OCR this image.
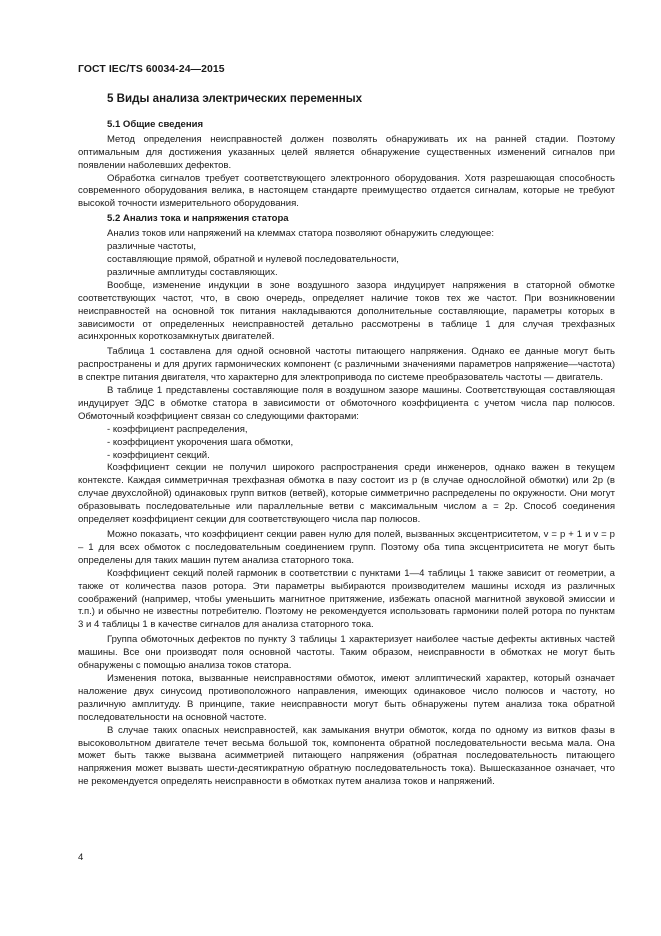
ГОСТ IEC/TS 60034-24—2015
5 Виды анализа электрических переменных
5.1 Общие сведения

Метод определения неисправностей должен позволять обнаруживать их на ранней стадии. Поэтому оптимальным для достижения указанных целей является обнаружение существенных изменений сигналов при появлении наболевших дефектов.

Обработка сигналов требует соответствующего электронного оборудования. Хотя разрешающая способность современного оборудования велика, в настоящем стандарте преимущество отдается сигналам, которые не требуют высокой точности измерительного оборудования.

5.2 Анализ тока и напряжения статора

Анализ токов или напряжений на клеммах статора позволяют обнаружить следующее:

различные частоты,

составляющие прямой, обратной и нулевой последовательности,

различные амплитуды составляющих.

Вообще, изменение индукции в зоне воздушного зазора индуцирует напряжения в статорной обмотке соответствующих частот, что, в свою очередь, определяет наличие токов тех же частот. При возникновении неисправностей на основной ток питания накладываются дополнительные составляющие, параметры которых в зависимости от определенных неисправностей детально рассмотрены в таблице 1 для случая трехфазных асинхронных короткозамкнутых двигателей.

Таблица 1 составлена для одной основной частоты питающего напряжения. Однако ее данные могут быть распространены и для других гармонических компонент (с различными значениями параметров напряжение—частота) в спектре питания двигателя, что характерно для электропривода по системе преобразователь частоты — двигатель.

В таблице 1 представлены составляющие поля в воздушном зазоре машины. Соответствующая составляющая индуцирует ЭДС в обмотке статора в зависимости от обмоточного коэффициента с учетом числа пар полюсов. Обмоточный коэффициент связан со следующими факторами:

- коэффициент распределения,

- коэффициент укорочения шага обмотки,

- коэффициент секций.

Коэффициент секции не получил широкого распространения среди инженеров, однако важен в текущем контексте. Каждая симметричная трехфазная обмотка в пазу состоит из p (в случае однослойной обмотки) или 2p (в случае двухслойной) одинаковых групп витков (ветвей), которые симметрично распределены по окружности. Они могут образовывать последовательные или параллельные ветви с максимальным числом a = 2p. Способ соединения определяет коэффициент секции для соответствующего числа пар полюсов.

Можно показать, что коэффициент секции равен нулю для полей, вызванных эксцентриситетом, v = p + 1 и v = p – 1 для всех обмоток с последовательным соединением групп. Поэтому оба типа эксцентриситета не могут быть определены для таких машин путем анализа статорного тока.

Коэффициент секций полей гармоник в соответствии с пунктами 1—4 таблицы 1 также зависит от геометрии, а также от количества пазов ротора. Эти параметры выбираются производителем машины исходя из различных соображений (например, чтобы уменьшить магнитное притяжение, избежать опасной магнитной звуковой эмиссии и т.п.) и обычно не известны потребителю. Поэтому не рекомендуется использовать гармоники полей ротора по пунктам 3 и 4 таблицы 1 в качестве сигналов для анализа статорного тока.

Группа обмоточных дефектов по пункту 3 таблицы 1 характеризует наиболее частые дефекты активных частей машины. Все они производят поля основной частоты. Таким образом, неисправности в обмотках не могут быть обнаружены с помощью анализа токов статора.

Изменения потока, вызванные неисправностями обмоток, имеют эллиптический характер, который означает наложение двух синусоид противоположного направления, имеющих одинаковое число полюсов и частоту, но различную амплитуду. В принципе, такие неисправности могут быть обнаружены путем анализа тока обратной последовательности на основной частоте.

В случае таких опасных неисправностей, как замыкания внутри обмоток, когда по одному из витков фазы в высоковольтном двигателе течет весьма большой ток, компонента обратной последовательности весьма мала. Она может быть также вызвана асимметрией питающего напряжения (обратная последовательность питающего напряжения может вызвать шести-десятикратную обратную последовательность тока). Вышесказанное означает, что не рекомендуется определять неисправности в обмотках путем анализа токов и напряжений.

4
